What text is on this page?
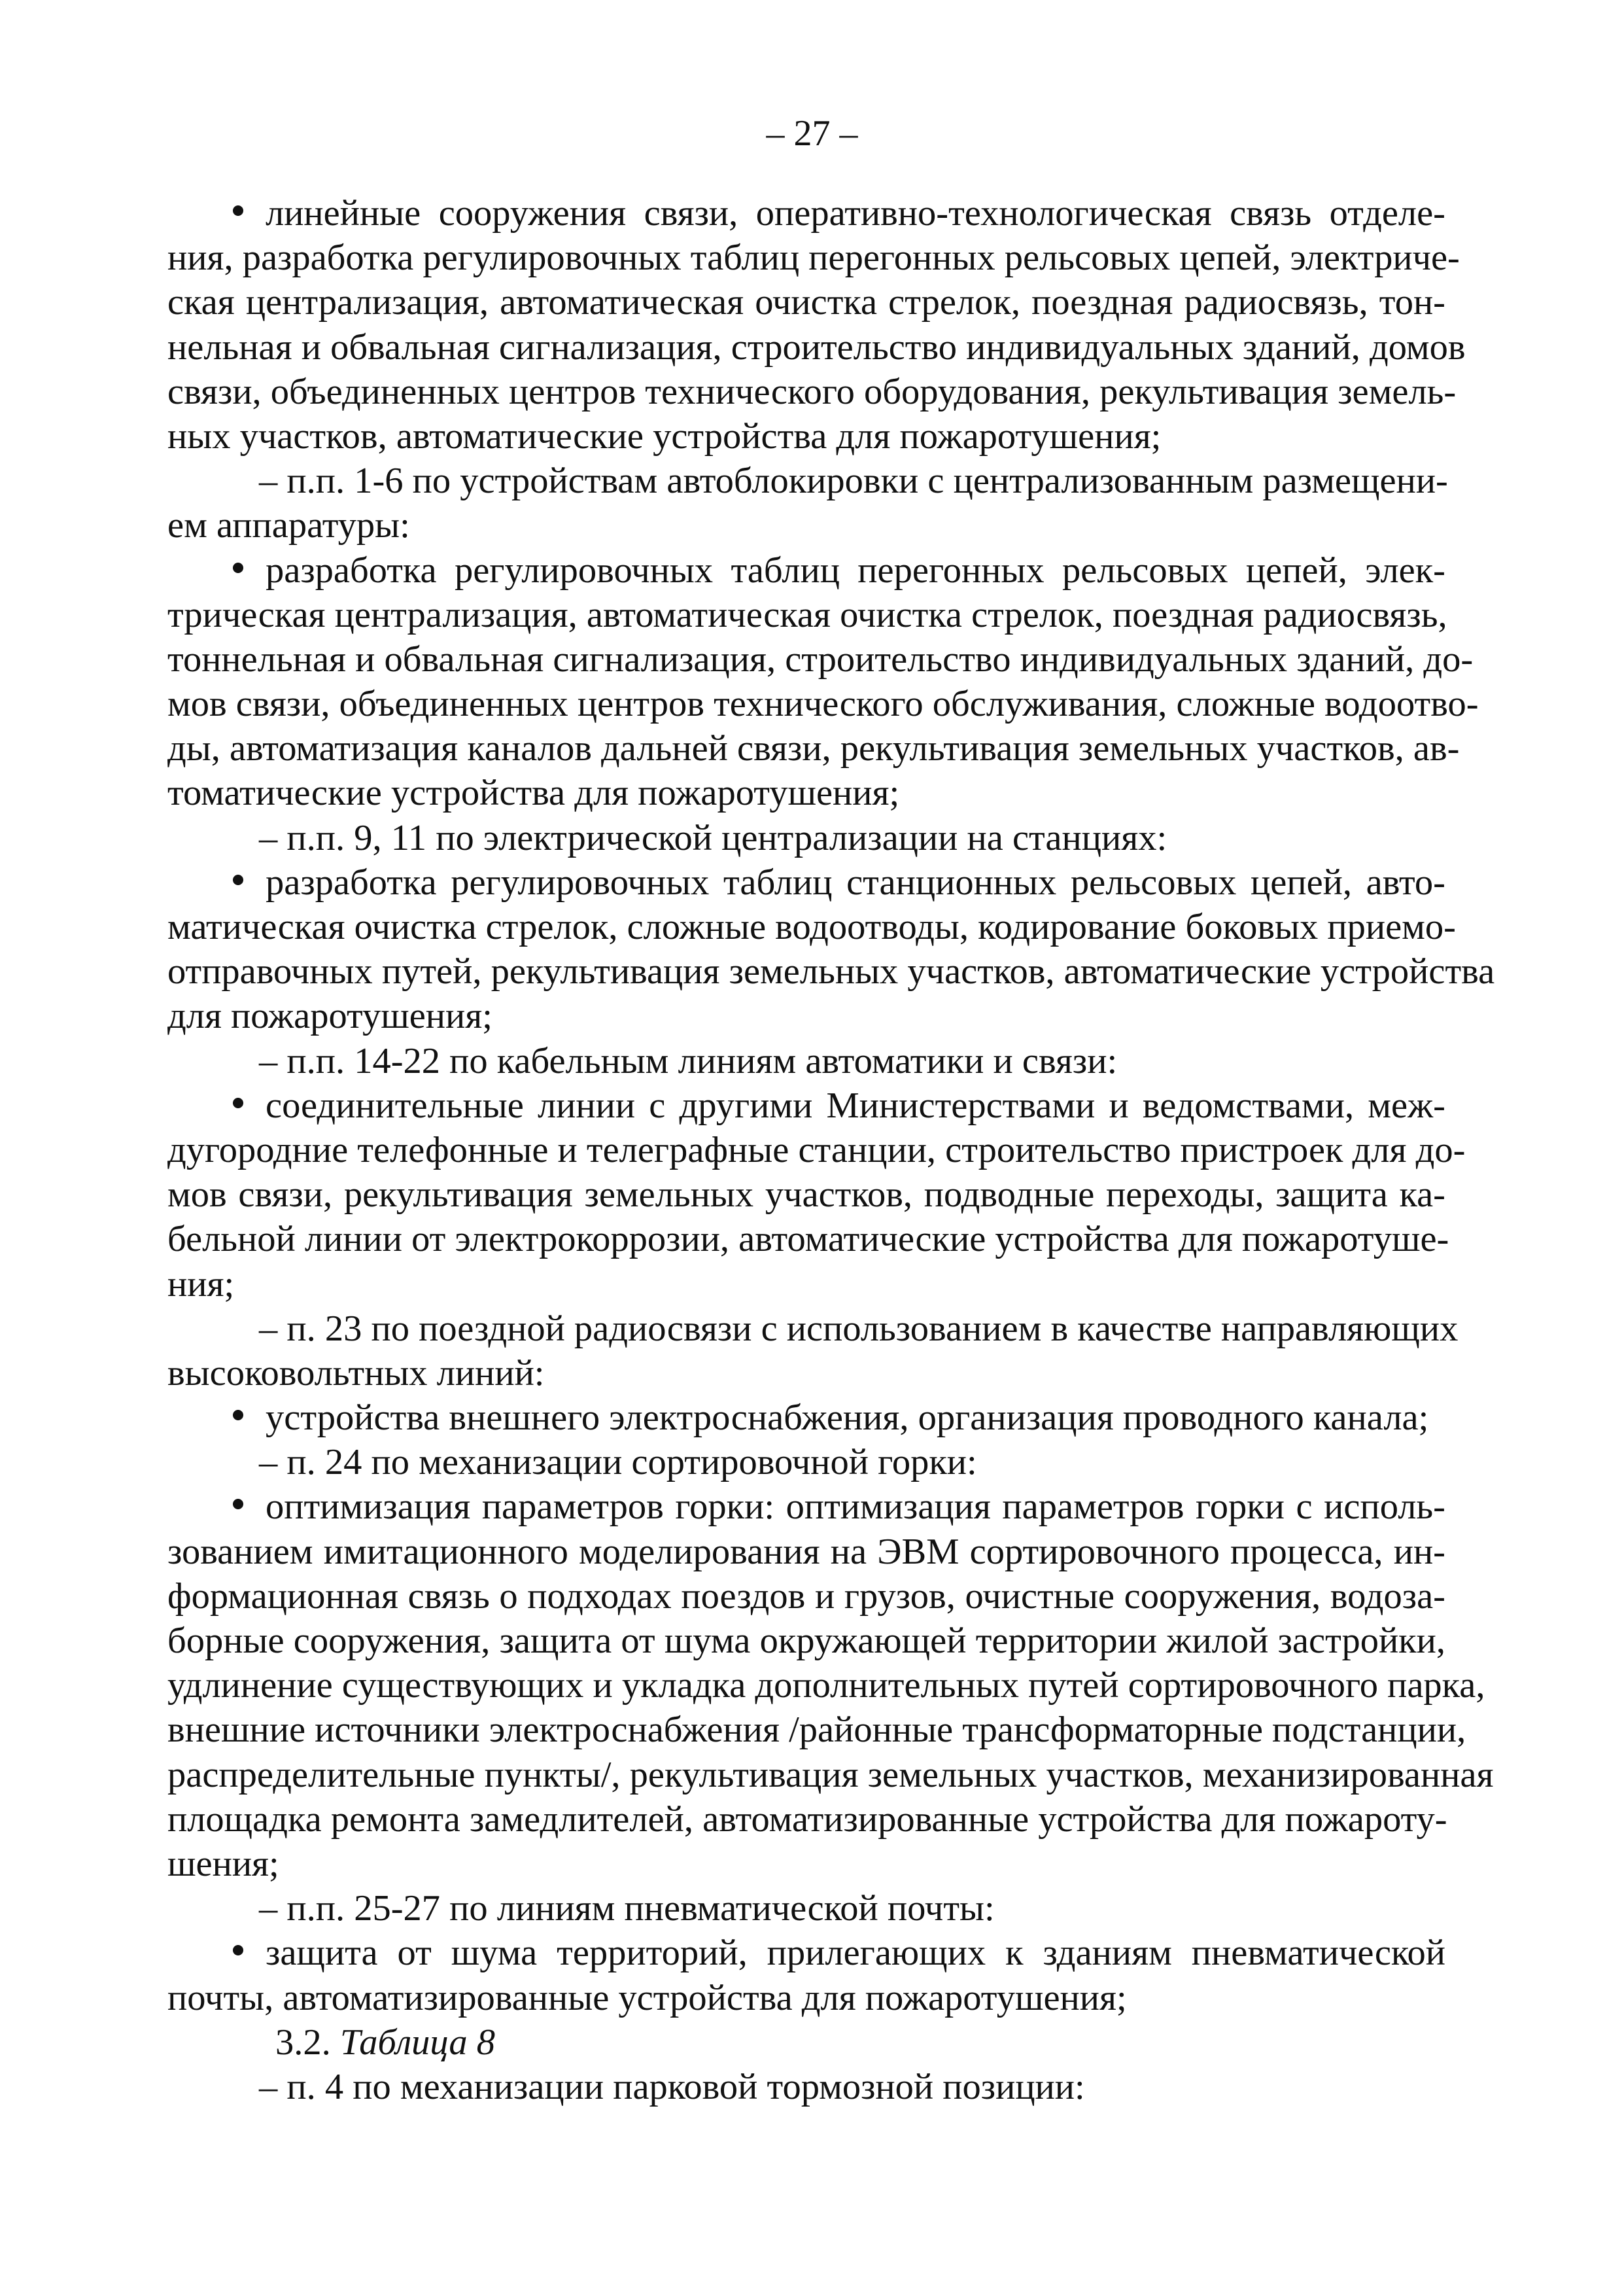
– 27 –
линейные сооружения связи, оперативно-технологическая связь отделе-
ния, разработка регулировочных таблиц перегонных рельсовых цепей, электриче-
ская централизация, автоматическая очистка стрелок, поездная радиосвязь, тон-
нельная и обвальная сигнализация, строительство индивидуальных зданий, домов
связи, объединенных центров технического оборудования, рекультивация земель-
ных участков, автоматические устройства для пожаротушения;
– п.п. 1-6 по устройствам автоблокировки с централизованным размещени-
ем аппаратуры:
разработка регулировочных таблиц перегонных рельсовых цепей, элек-
трическая централизация, автоматическая очистка стрелок, поездная радиосвязь,
тоннельная и обвальная сигнализация, строительство индивидуальных зданий, до-
мов связи, объединенных центров технического обслуживания, сложные водоотво-
ды, автоматизация каналов дальней связи, рекультивация земельных участков, ав-
томатические устройства для пожаротушения;
– п.п. 9, 11 по электрической централизации на станциях:
разработка регулировочных таблиц станционных рельсовых цепей, авто-
матическая очистка стрелок, сложные водоотводы, кодирование боковых приемо-
отправочных путей, рекультивация земельных участков, автоматические устройства
для пожаротушения;
– п.п. 14-22 по кабельным линиям автоматики и связи:
соединительные линии с другими Министерствами и ведомствами, меж-
дугородние телефонные и телеграфные станции, строительство пристроек для до-
мов связи, рекультивация земельных участков, подводные переходы, защита ка-
бельной линии от электрокоррозии, автоматические устройства для пожаротуше-
ния;
– п. 23 по поездной радиосвязи с использованием в качестве направляющих
высоковольтных линий:
устройства внешнего электроснабжения, организация проводного канала;
– п. 24 по механизации сортировочной горки:
оптимизация параметров горки: оптимизация параметров горки с исполь-
зованием имитационного моделирования на ЭВМ сортировочного процесса, ин-
формационная связь о подходах поездов и грузов, очистные сооружения, водоза-
борные сооружения, защита от шума окружающей территории жилой застройки,
удлинение существующих и укладка дополнительных путей сортировочного парка,
внешние источники электроснабжения /районные трансформаторные подстанции,
распределительные пункты/, рекультивация земельных участков, механизированная
площадка ремонта замедлителей, автоматизированные устройства для пожароту-
шения;
– п.п. 25-27 по линиям пневматической почты:
защита от шума территорий, прилегающих к зданиям пневматической
почты, автоматизированные устройства для пожаротушения;
3.2. Таблица 8
– п. 4 по механизации парковой тормозной позиции:
